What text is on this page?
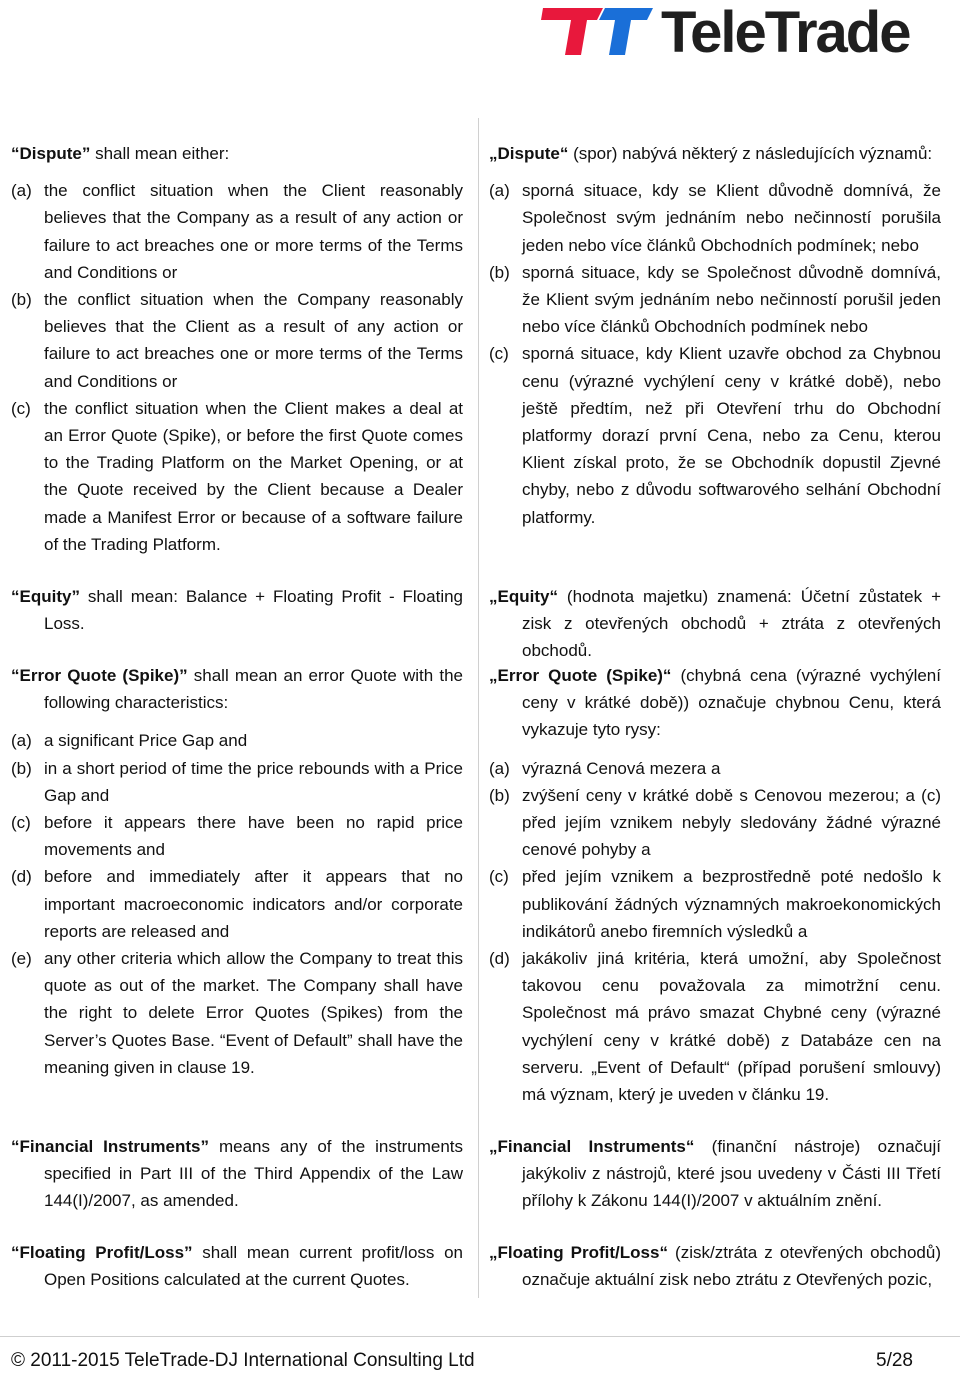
TeleTrade
“Dispute” shall mean either:
(a) the conflict situation when the Client reasonably believes that the Company as a result of any action or failure to act breaches one or more terms of the Terms and Conditions or
(b) the conflict situation when the Company reasonably believes that the Client as a result of any action or failure to act breaches one or more terms of the Terms and Conditions or
(c) the conflict situation when the Client makes a deal at an Error Quote (Spike), or before the first Quote comes to the Trading Platform on the Market Opening, or at the Quote received by the Client because a Dealer made a Manifest Error or because of a software failure of the Trading Platform.
“Equity” shall mean: Balance + Floating Profit - Floating Loss.
“Error Quote (Spike)” shall mean an error Quote with the following characteristics:
(a) a significant Price Gap and
(b) in a short period of time the price rebounds with a Price Gap and
(c) before it appears there have been no rapid price movements and
(d) before and immediately after it appears that no important macroeconomic indicators and/or corporate reports are released and
(e) any other criteria which allow the Company to treat this quote as out of the market. The Company shall have the right to delete Error Quotes (Spikes) from the Server’s Quotes Base. “Event of Default” shall have the meaning given in clause 19.
“Financial Instruments” means any of the instruments specified in Part III of the Third Appendix of the Law 144(I)/2007, as amended.
“Floating Profit/Loss” shall mean current profit/loss on Open Positions calculated at the current Quotes.
„Dispute“ (spor) nabývá některý z následujících významů:
(a) sporná situace, kdy se Klient důvodně domnívá, že Společnost svým jednáním nebo nečinností porušila jeden nebo více článků Obchodních podmínek; nebo
(b) sporná situace, kdy se Společnost důvodně domnívá, že Klient svým jednáním nebo nečinností porušil jeden nebo více článků Obchodních podmínek nebo
(c) sporná situace, kdy Klient uzavře obchod za Chybnou cenu (výrazné vychýlení ceny v krátké době), nebo ještě předtím, než při Otevření trhu do Obchodní platformy dorazí první Cena, nebo za Cenu, kterou Klient získal proto, že se Obchodník dopustil Zjevné chyby, nebo z důvodu softwarového selhání Obchodní platformy.
„Equity“ (hodnota majetku) znamená: Účetní zůstatek + zisk z otevřených obchodů + ztráta z otevřených obchodů.
„Error Quote (Spike)“ (chybná cena (výrazné vychýlení ceny v krátké době)) označuje chybnou Cenu, která vykazuje tyto rysy:
(a) výrazná Cenová mezera a
(b) zvýšení ceny v krátké době s Cenovou mezerou; a (c) před jejím vznikem nebyly sledovány žádné výrazné cenové pohyby a
(c) před jejím vznikem a bezprostředně poté nedošlo k publikování žádných významných makroekonomických indikátorů anebo firemních výsledků a
(d) jakákoliv jiná kritéria, která umožní, aby Společnost takovou cenu považovala za mimotržní cenu. Společnost má právo smazat Chybné ceny (výrazné vychýlení ceny v krátké době) z Databáze cen na serveru. „Event of Default“ (případ porušení smlouvy) má význam, který je uveden v článku 19.
„Financial Instruments“ (finanční nástroje) označují jakýkoliv z nástrojů, které jsou uvedeny v Části III Třetí přílohy k Zákonu 144(I)/2007 v aktuálním znění.
„Floating Profit/Loss“ (zisk/ztráta z otevřených obchodů) označuje aktuální zisk nebo ztrátu z Otevřených pozic,
© 2011-2015 TeleTrade-DJ International Consulting Ltd	5/28
